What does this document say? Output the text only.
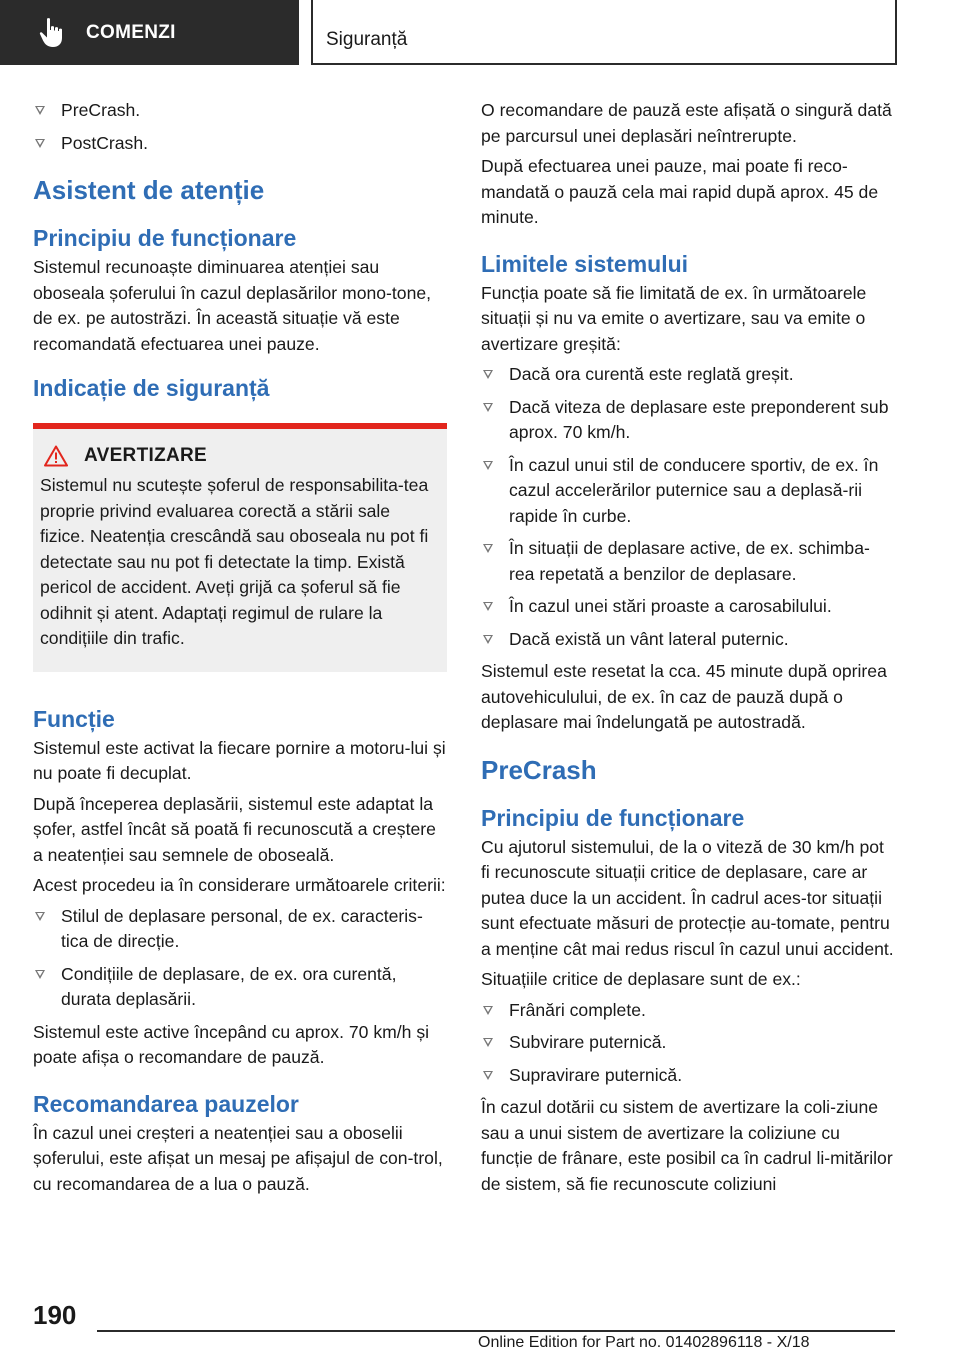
COMENZI	Siguranță
PreCrash.
PostCrash.
Asistent de atenție
Principiu de funcționare

Sistemul recunoaște diminuarea atenției sau oboseala șoferului în cazul deplasărilor mono-tone, de ex. pe autostrăzi. În această situație vă este recomandată efectuarea unei pauze.

Indicație de siguranță
AVERTIZARE

Sistemul nu scutește șoferul de responsabilita-tea proprie privind evaluarea corectă a stării sale fizice. Neatenția crescândă sau oboseala nu pot fi detectate sau nu pot fi detectate la timp. Există pericol de accident. Aveți grijă ca șoferul să fie odihnit și atent. Adaptați regimul de rulare la condițiile din trafic.

Funcție

Sistemul este activat la fiecare pornire a motoru-lui și nu poate fi decuplat.

După începerea deplasării, sistemul este adaptat la șofer, astfel încât să poată fi recunoscută a creștere a neatenției sau semnele de oboseală.

Acest procedeu ia în considerare următoarele criterii:

Stilul de deplasare personal, de ex. caracteris-tica de direcție.
Condițiile de deplasare, de ex. ora curentă, durata deplasării.

Sistemul este active începând cu aprox. 70 km/h și poate afișa o recomandare de pauză.

Recomandarea pauzelor

În cazul unei creșteri a neatenției sau a oboselii șoferului, este afișat un mesaj pe afișajul de con-trol, cu recomandarea de a lua o pauză.

O recomandare de pauză este afișată o singură dată pe parcursul unei deplasări neîntrerupte.

După efectuarea unei pauze, mai poate fi reco-mandată o pauză cela mai rapid după aprox. 45 de minute.

Limitele sistemului

Funcția poate să fie limitată de ex. în următoarele situații și nu va emite o avertizare, sau va emite o avertizare greșită:

Dacă ora curentă este reglată greșit.
Dacă viteza de deplasare este preponderent sub aprox. 70 km/h.
În cazul unui stil de conducere sportiv, de ex. în cazul accelerărilor puternice sau a deplasă-rii rapide în curbe.
În situații de deplasare active, de ex. schimba-rea repetată a benzilor de deplasare.
În cazul unei stări proaste a carosabilului.
Dacă există un vânt lateral puternic.

Sistemul este resetat la cca. 45 minute după oprirea autovehiculului, de ex. în caz de pauză după o deplasare mai îndelungată pe autostradă.

PreCrash
Principiu de funcționare

Cu ajutorul sistemului, de la o viteză de 30 km/h pot fi recunoscute situații critice de deplasare, care ar putea duce la un accident. În cadrul aces-tor situații sunt efectuate măsuri de protecție au-tomate, pentru a menține cât mai redus riscul în cazul unui accident.

Situațiile critice de deplasare sunt de ex.:

Frânări complete.
Subvirare puternică.
Supravirare puternică.

În cazul dotării cu sistem de avertizare la coli-ziune sau a unui sistem de avertizare la coliziune cu funcție de frânare, este posibil ca în cadrul li-mitărilor de sistem, să fie recunoscute coliziuni

190
Online Edition for Part no. 01402896118 - X/18
